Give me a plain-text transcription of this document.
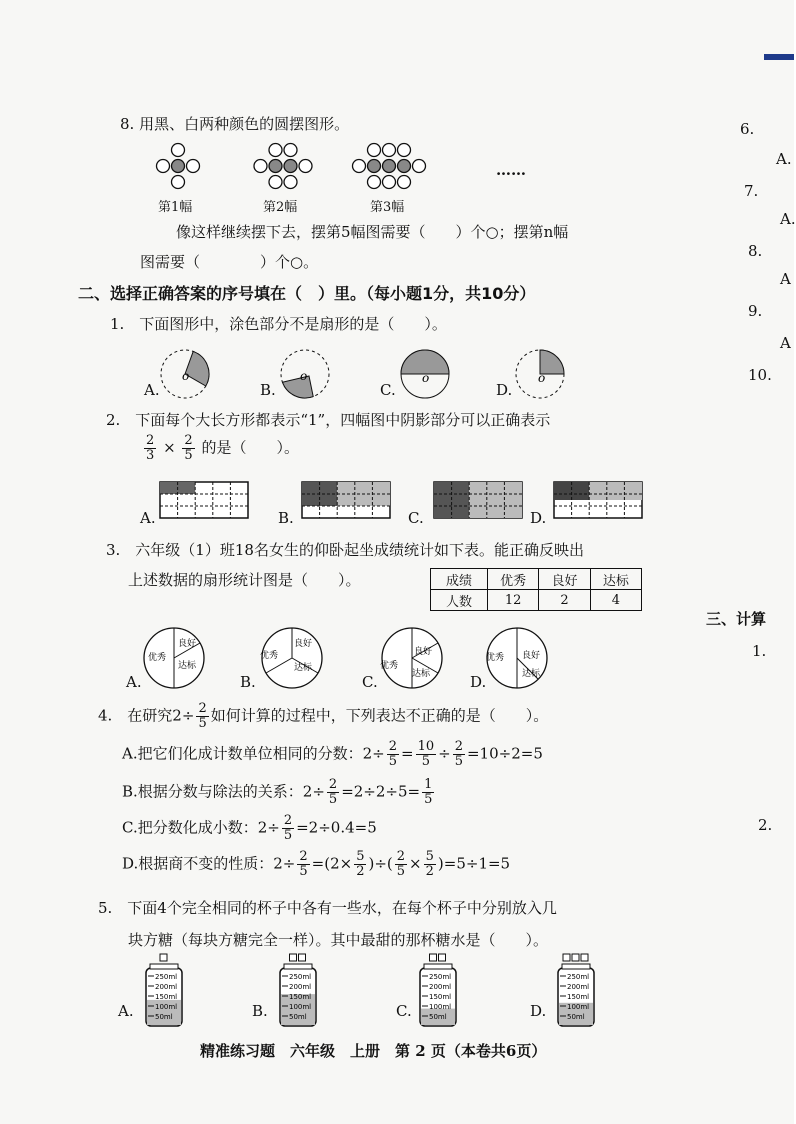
8. 用黑、白两种颜色的圆摆图形。
第1幅	第2幅	第3幅
……
像这样继续摆下去，摆第5幅图需要（　　）个○；摆第n幅
图需要（　　　　）个○。
二、选择正确答案的序号填在（　）里。（每小题1分，共10分）
1.　下面图形中，涂色部分不是扇形的是（　　）。
o	o	o	o
A.	B.	C.	D.
2.　下面每个大长方形都表示“1”，四幅图中阴影部分可以正确表示
$\frac{2}{3} \times \frac{2}{5}$ 的是（　　）。
A.	B.	C.	D.
3.　六年级（1）班18名女生的仰卧起坐成绩统计如下表。能正确反映出
上述数据的扇形统计图是（　　）。	成绩	优秀	良好	达标
人数	12	2	4
优秀
良好
达标
优秀
良好
达标	优秀
良好
达标
优秀 良好
达标
A.	B.	C.	D.
4.　在研究$2\div \frac{2}{5}$ 如何计算的过程中，下列表达不正确的是（　　）。
A.把它们化成计数单位相同的分数：$2\div \frac{2}{5} = \frac{10}{5} \div \frac{2}{5} =10\div 2=5$
B.根据分数与除法的关系：$2\div \frac{2}{5} =2\div 2\div 5= \frac{1}{5}$
C.把分数化成小数：$2\div \frac{2}{5} =2\div 0.4=5$
D.根据商不变的性质：$2\div \frac{2}{5} =(2\times \frac{5}{2}$ )÷( $\frac{2}{5} \times \frac{5}{2} )=5\div 1=5$
5.　下面4个完全相同的杯子中各有一些水，在每个杯子中分别放入几
块方糖（每块方糖完全一样）。其中最甜的那杯糖水是（　　）。
250ml
200ml
150ml
100ml
50ml
250ml
200ml
150ml
100ml
50ml
250ml
200ml
150ml
100ml
50ml
250ml
200ml
150ml
100ml
50ml
A.	B.	C.	D.
精准练习题　六年级　上册　第 2 页（本卷共6页）
6.
A.
7.
A.
8.
A
9.
A
10.
三、计算
1.
2.
